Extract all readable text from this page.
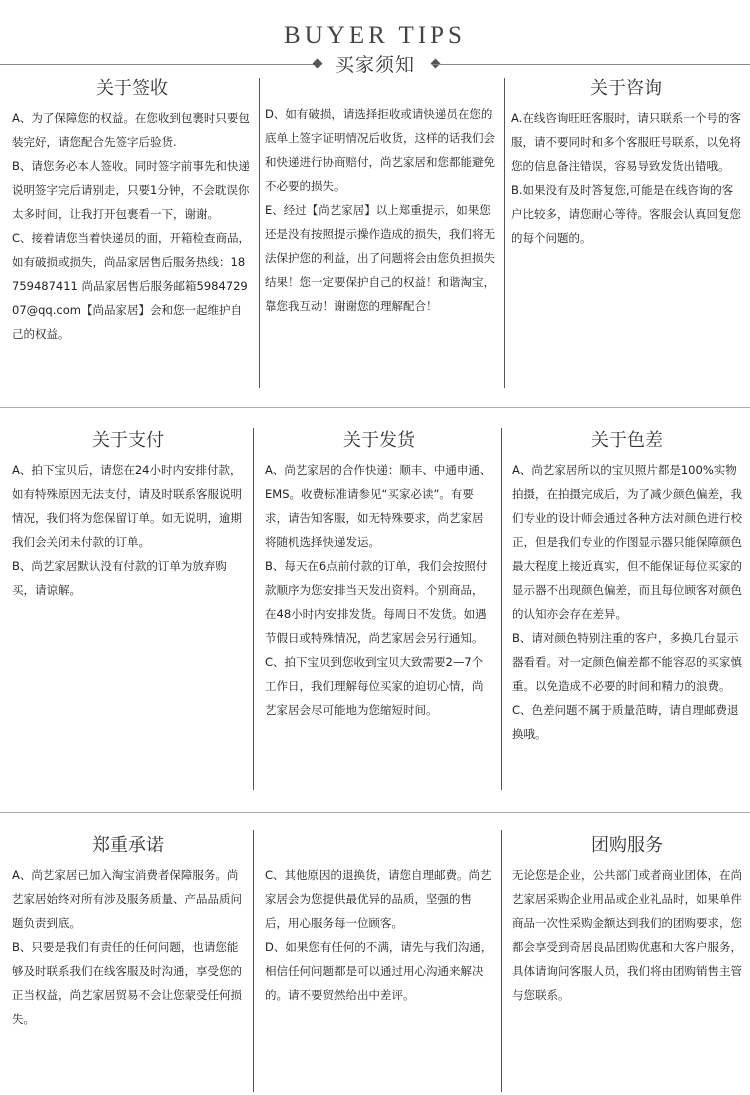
BUYER TIPS
买家须知
关于签收

A、为了保障您的权益。在您收到包裹时只要包装完好，请您配合先签字后验货.

B、请您务必本人签收。同时签字前事先和快递说明签字完后请别走，只要1分钟，不会耽误你太多时间，让我打开包裹看一下，谢谢。

C、接着请您当着快递员的面，开箱检查商品，如有破损或损失，尚品家居售后服务热线：18759487411 尚品家居售后服务邮箱598472907@qq.com【尚品家居】会和您一起维护自己的权益。

D、如有破损，请选择拒收或请快递员在您的底单上签字证明情况后收货，这样的话我们会和快递进行协商赔付，尚艺家居和您都能避免不必要的损失。

E、经过【尚艺家居】以上郑重提示，如果您还是没有按照提示操作造成的损失，我们将无法保护您的利益，出了问题将会由您负担损失结果！您一定要保护自己的权益！和谐淘宝，靠您我互动！谢谢您的理解配合！

关于咨询

A.在线咨询旺旺客服时，请只联系一个号的客服，请不要同时和多个客服旺号联系，以免将您的信息备注错误，容易导致发货出错哦。

B.如果没有及时答复您,可能是在线咨询的客户比较多，请您耐心等待。客服会认真回复您的每个问题的。

关于支付

A、拍下宝贝后，请您在24小时内安排付款，如有特殊原因无法支付，请及时联系客服说明情况，我们将为您保留订单。如无说明，逾期我们会关闭未付款的订单。

B、尚艺家居默认没有付款的订单为放弃购买，请谅解。

关于发货

A、尚艺家居的合作快递：顺丰、中通申通、EMS。收费标准请参见“买家必读”。有要求，请告知客服，如无特殊要求，尚艺家居将随机选择快递发运。

B、每天在6点前付款的订单，我们会按照付款顺序为您安排当天发出资料。个别商品，在48小时内安排发货。每周日不发货。如遇节假日或特殊情况，尚艺家居会另行通知。

C、拍下宝贝到您收到宝贝大致需要2—7个工作日，我们理解每位买家的迫切心情，尚艺家居会尽可能地为您缩短时间。

关于色差

A、尚艺家居所以的宝贝照片都是100%实物拍摄，在拍摄完成后，为了减少颜色偏差，我们专业的设计师会通过各种方法对颜色进行校正，但是我们专业的作图显示器只能保障颜色最大程度上接近真实，但不能保证每位买家的显示器不出现颜色偏差，而且每位顾客对颜色的认知亦会存在差异。

B、请对颜色特别注重的客户，多换几台显示器看看。对一定颜色偏差都不能容忍的买家慎重。以免造成不必要的时间和精力的浪费。

C、色差问题不属于质量范畴，请自理邮费退换哦。

郑重承诺

A、尚艺家居已加入淘宝消费者保障服务。尚艺家居始终对所有涉及服务质量、产品品质问题负责到底。

B、只要是我们有责任的任何问题，也请您能够及时联系我们在线客服及时沟通，享受您的正当权益，尚艺家居贸易不会让您蒙受任何损失。

C、其他原因的退换货，请您自理邮费。尚艺家居会为您提供最优异的品质，坚强的售后，用心服务每一位顾客。

D、如果您有任何的不满，请先与我们沟通，相信任何问题都是可以通过用心沟通来解决的。请不要贸然给出中差评。

团购服务

无论您是企业，公共部门或者商业团体，在尚艺家居采购企业用品或企业礼品时，如果单件商品一次性采购金额达到我们的团购要求，您都会享受到奇居良品团购优惠和大客户服务，具体请询问客服人员，我们将由团购销售主管与您联系。
